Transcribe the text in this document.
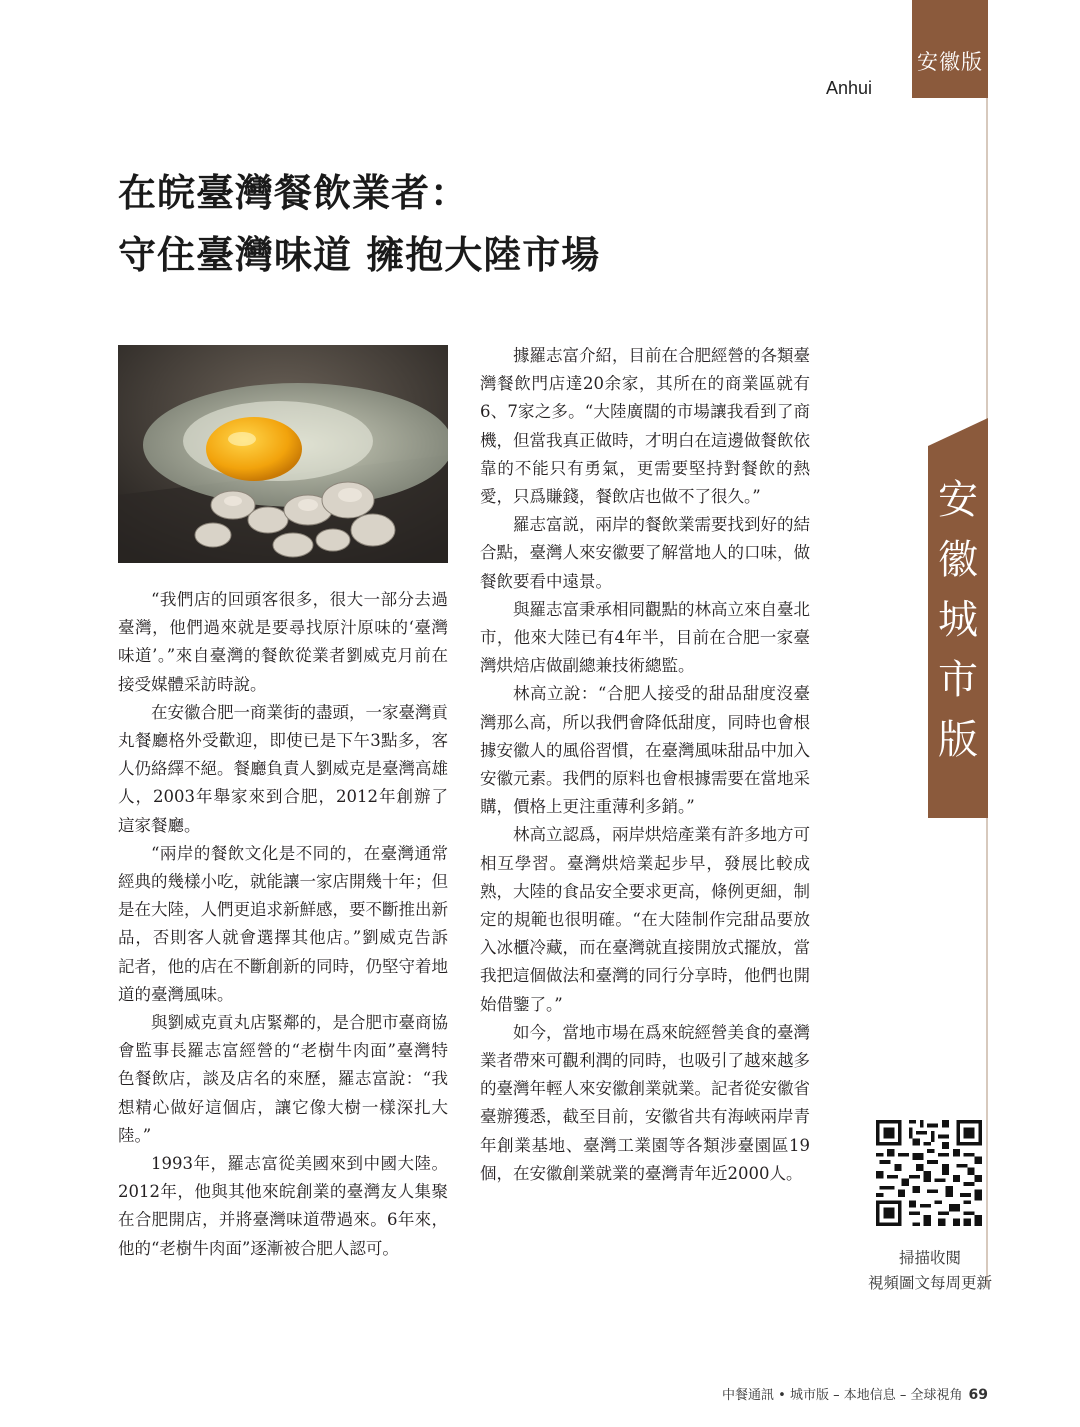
安徽版
Anhui
在皖臺灣餐飲業者：
守住臺灣味道 擁抱大陸市場

“我們店的回頭客很多，很大一部分去過臺灣，他們過來就是要尋找原汁原味的‘臺灣味道’。”來自臺灣的餐飲從業者劉威克月前在接受媒體采訪時說。

在安徽合肥一商業街的盡頭，一家臺灣貢丸餐廳格外受歡迎，即使已是下午3點多，客人仍絡繹不絕。餐廳負責人劉威克是臺灣高雄人，2003年舉家來到合肥，2012年創辦了這家餐廳。

“兩岸的餐飲文化是不同的，在臺灣通常經典的幾樣小吃，就能讓一家店開幾十年；但是在大陸，人們更追求新鮮感，要不斷推出新品，否則客人就會選擇其他店。”劉威克告訴記者，他的店在不斷創新的同時，仍堅守着地道的臺灣風味。

與劉威克貢丸店緊鄰的，是合肥市臺商協會監事長羅志富經營的“老樹牛肉面”臺灣特色餐飲店，談及店名的來歷，羅志富說：“我想精心做好這個店，讓它像大樹一樣深扎大陸。”

1993年，羅志富從美國來到中國大陸。2012年，他與其他來皖創業的臺灣友人集聚在合肥開店，并將臺灣味道帶過來。6年來，他的“老樹牛肉面”逐漸被合肥人認可。

據羅志富介紹，目前在合肥經營的各類臺灣餐飲門店達20余家，其所在的商業區就有6、7家之多。“大陸廣闊的市場讓我看到了商機，但當我真正做時，才明白在這邊做餐飲依靠的不能只有勇氣，更需要堅持對餐飲的熱愛，只爲賺錢，餐飲店也做不了很久。”

羅志富説，兩岸的餐飲業需要找到好的結合點，臺灣人來安徽要了解當地人的口味，做餐飲要看中遠景。

與羅志富秉承相同觀點的林高立來自臺北市，他來大陸已有4年半，目前在合肥一家臺灣烘焙店做副總兼技術總監。

林高立說：“合肥人接受的甜品甜度沒臺灣那么高，所以我們會降低甜度，同時也會根據安徽人的風俗習慣，在臺灣風味甜品中加入安徽元素。我們的原料也會根據需要在當地采購，價格上更注重薄利多銷。”

林高立認爲，兩岸烘焙產業有許多地方可相互學習。臺灣烘焙業起步早，發展比較成熟，大陸的食品安全要求更高，條例更細，制定的規範也很明確。“在大陸制作完甜品要放入冰櫃冷藏，而在臺灣就直接開放式擺放，當我把這個做法和臺灣的同行分享時，他們也開始借鑒了。”

如今，當地市場在爲來皖經營美食的臺灣業者帶來可觀利潤的同時，也吸引了越來越多的臺灣年輕人來安徽創業就業。記者從安徽省臺辦獲悉，截至目前，安徽省共有海峽兩岸青年創業基地、臺灣工業園等各類涉臺園區19個，在安徽創業就業的臺灣青年近2000人。

安徽城市版
掃描收閱
視頻圖文每周更新
中餐通訊 • 城市版 – 本地信息 – 全球視角 69
